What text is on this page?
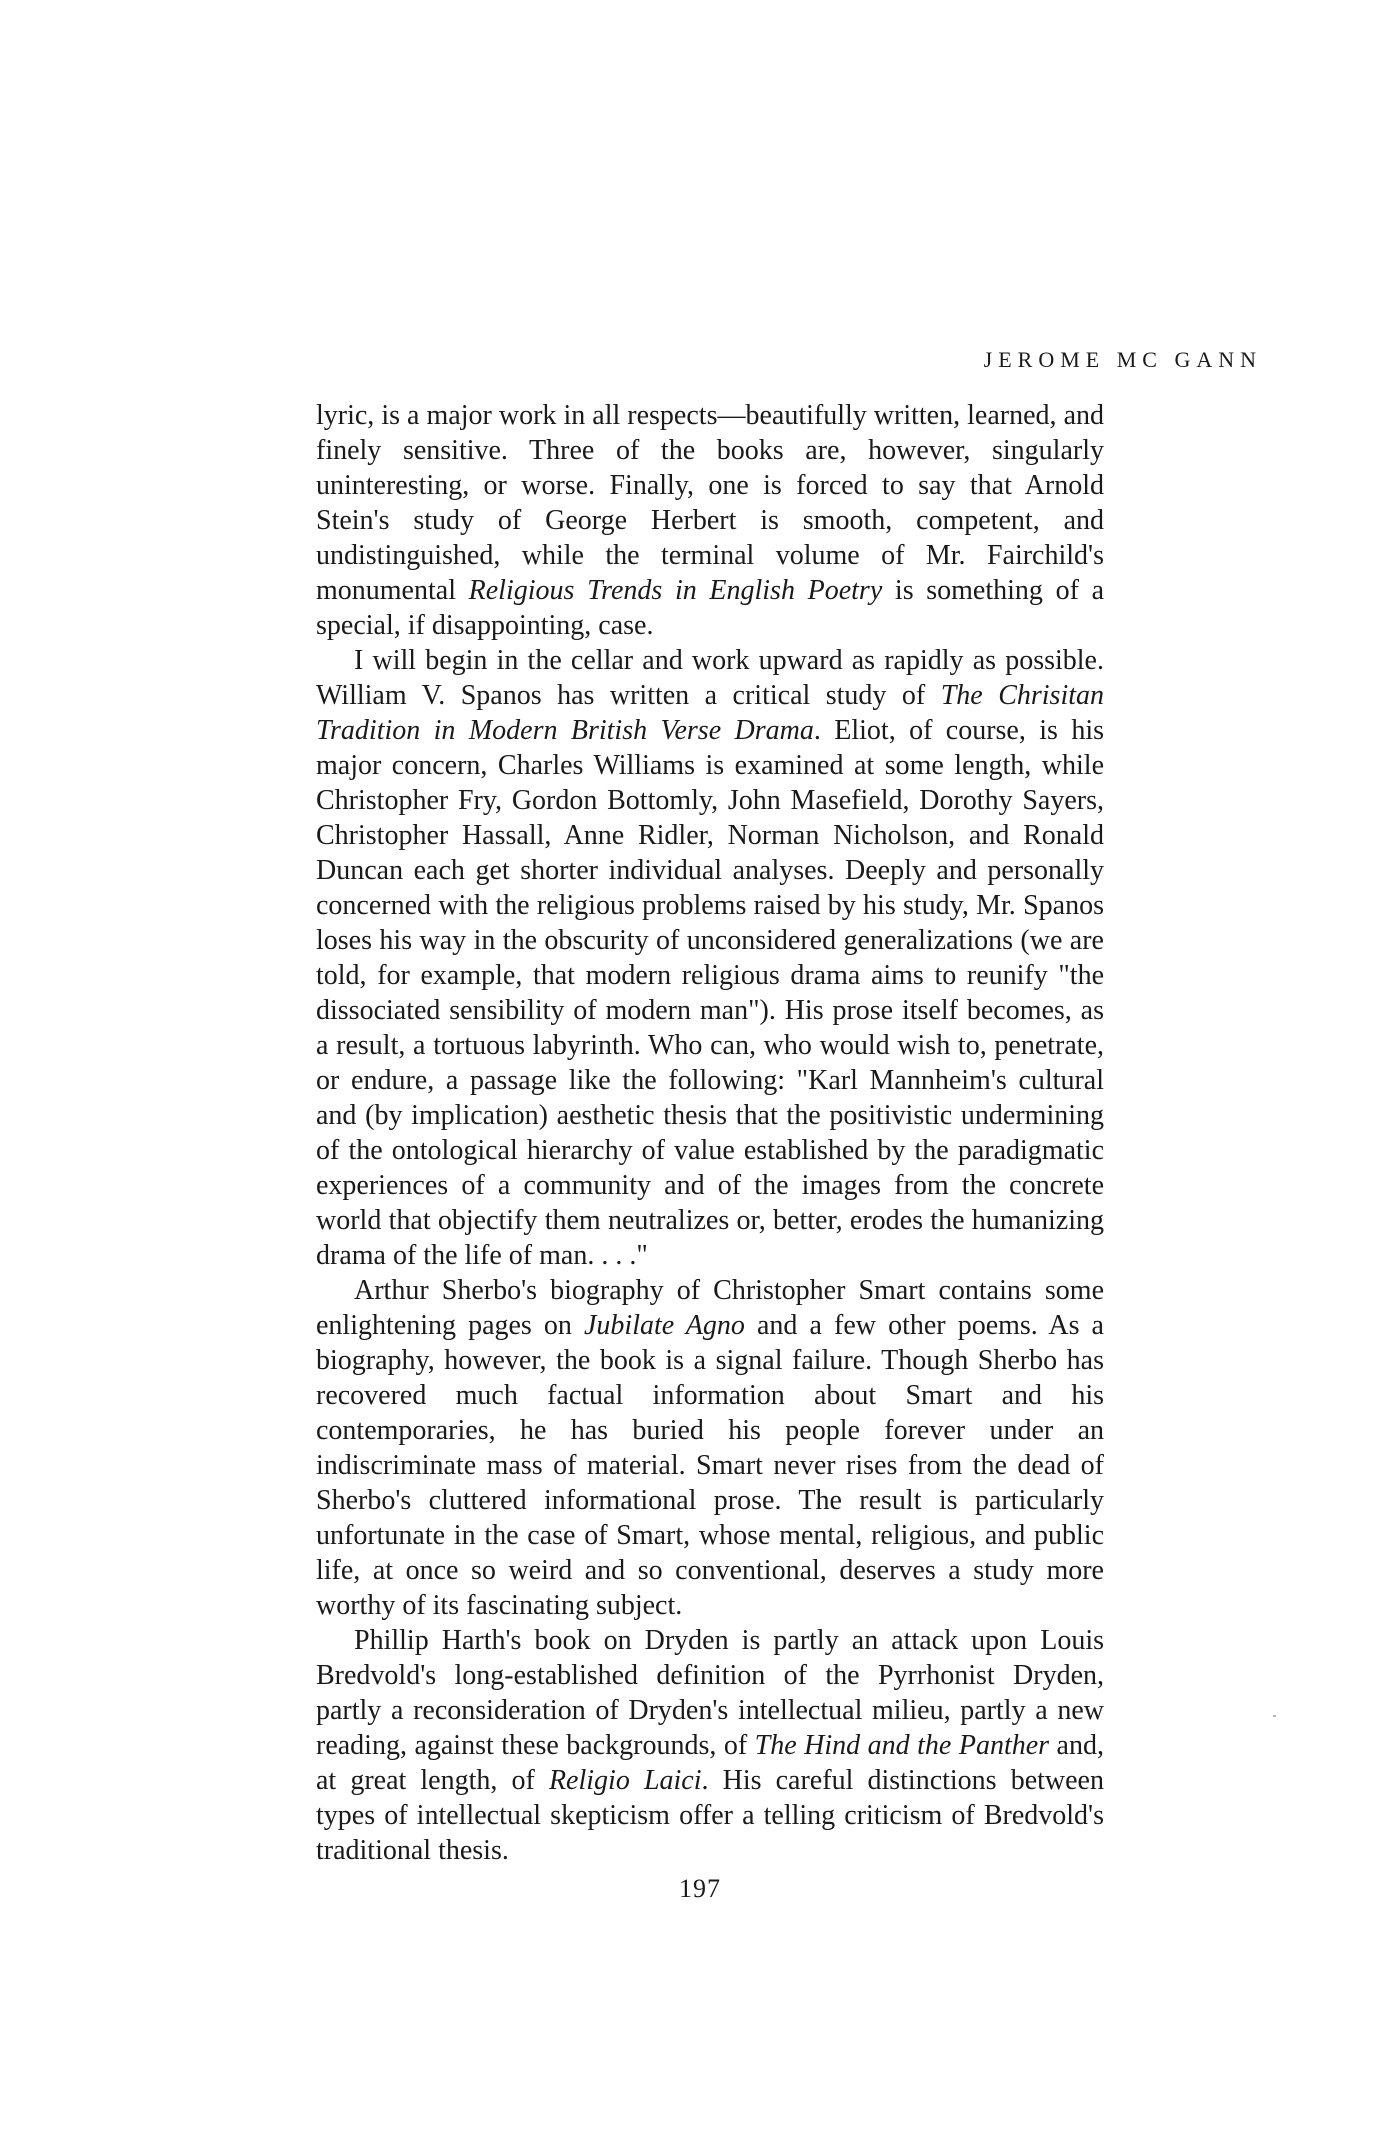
JEROME MC GANN

lyric, is a major work in all respects—beautifully written, learned, and finely sensitive. Three of the books are, however, singularly uninteresting, or worse. Finally, one is forced to say that Arnold Stein's study of George Herbert is smooth, competent, and undistinguished, while the terminal volume of Mr. Fairchild's monumental Religious Trends in English Poetry is something of a special, if disappointing, case.

I will begin in the cellar and work upward as rapidly as possible. William V. Spanos has written a critical study of The Chrisitan Tradition in Modern British Verse Drama. Eliot, of course, is his major concern, Charles Williams is examined at some length, while Christopher Fry, Gordon Bottomly, John Masefield, Dorothy Sayers, Christopher Hassall, Anne Ridler, Norman Nicholson, and Ronald Duncan each get shorter individual analyses. Deeply and personally concerned with the religious problems raised by his study, Mr. Spanos loses his way in the obscurity of unconsidered generalizations (we are told, for example, that modern religious drama aims to reunify "the dissociated sensibility of modern man"). His prose itself becomes, as a result, a tortuous labyrinth. Who can, who would wish to, penetrate, or endure, a passage like the following: "Karl Mannheim's cultural and (by implication) aesthetic thesis that the positivistic undermining of the ontological hierarchy of value established by the paradigmatic experiences of a community and of the images from the concrete world that objectify them neutralizes or, better, erodes the humanizing drama of the life of man. . . ."

Arthur Sherbo's biography of Christopher Smart contains some enlightening pages on Jubilate Agno and a few other poems. As a biography, however, the book is a signal failure. Though Sherbo has recovered much factual information about Smart and his contemporaries, he has buried his people forever under an indiscriminate mass of material. Smart never rises from the dead of Sherbo's cluttered informational prose. The result is particularly unfortunate in the case of Smart, whose mental, religious, and public life, at once so weird and so conventional, deserves a study more worthy of its fascinating subject.

Phillip Harth's book on Dryden is partly an attack upon Louis Bredvold's long-established definition of the Pyrrhonist Dryden, partly a reconsideration of Dryden's intellectual milieu, partly a new reading, against these backgrounds, of The Hind and the Panther and, at great length, of Religio Laici. His careful distinctions between types of intellectual skepticism offer a telling criticism of Bredvold's traditional thesis.

197
